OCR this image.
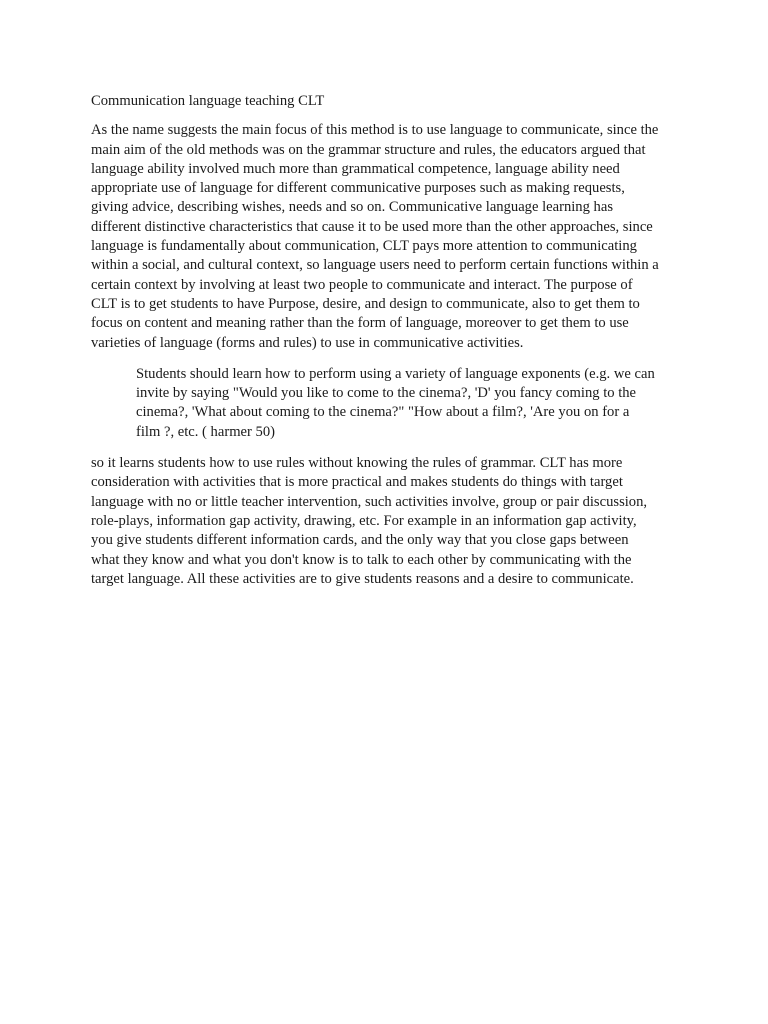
Communication language teaching CLT

As the name suggests the main focus of this method is to use language to communicate, since the
main aim of the old methods was on the grammar structure and rules, the educators argued that
language ability involved much more than grammatical competence, language ability need
appropriate use of language for different communicative purposes such as making requests,
giving advice, describing wishes, needs and so on. Communicative language learning has
different distinctive characteristics that cause it to be used more than the other approaches, since
language is fundamentally about communication, CLT pays more attention to communicating
within a social, and cultural context, so language users need to perform certain functions within a
certain context by involving at least two people to communicate and interact. The purpose of
CLT is to get students to have Purpose, desire, and design to communicate, also to get them to
focus on content and meaning rather than the form of language, moreover to get them to use
varieties of language (forms and rules) to use in communicative activities.

Students should learn how to perform using a variety of language exponents (e.g. we can
invite by saying "Would you like to come to the cinema?, 'D' you fancy coming to the
cinema?, 'What about coming to the cinema?" "How about a film?, 'Are you on for a
film ?, etc. ( harmer 50)

so it learns students how to use rules without knowing the rules of grammar. CLT has more
consideration with activities that is more practical and makes students do things with target
language with no or little teacher intervention, such activities involve, group or pair discussion,
role-plays, information gap activity, drawing, etc. For example in an information gap activity,
you give students different information cards, and the only way that you close gaps between
what they know and what you don't know is to talk to each other by communicating with the
target language. All these activities are to give students reasons and a desire to communicate.
